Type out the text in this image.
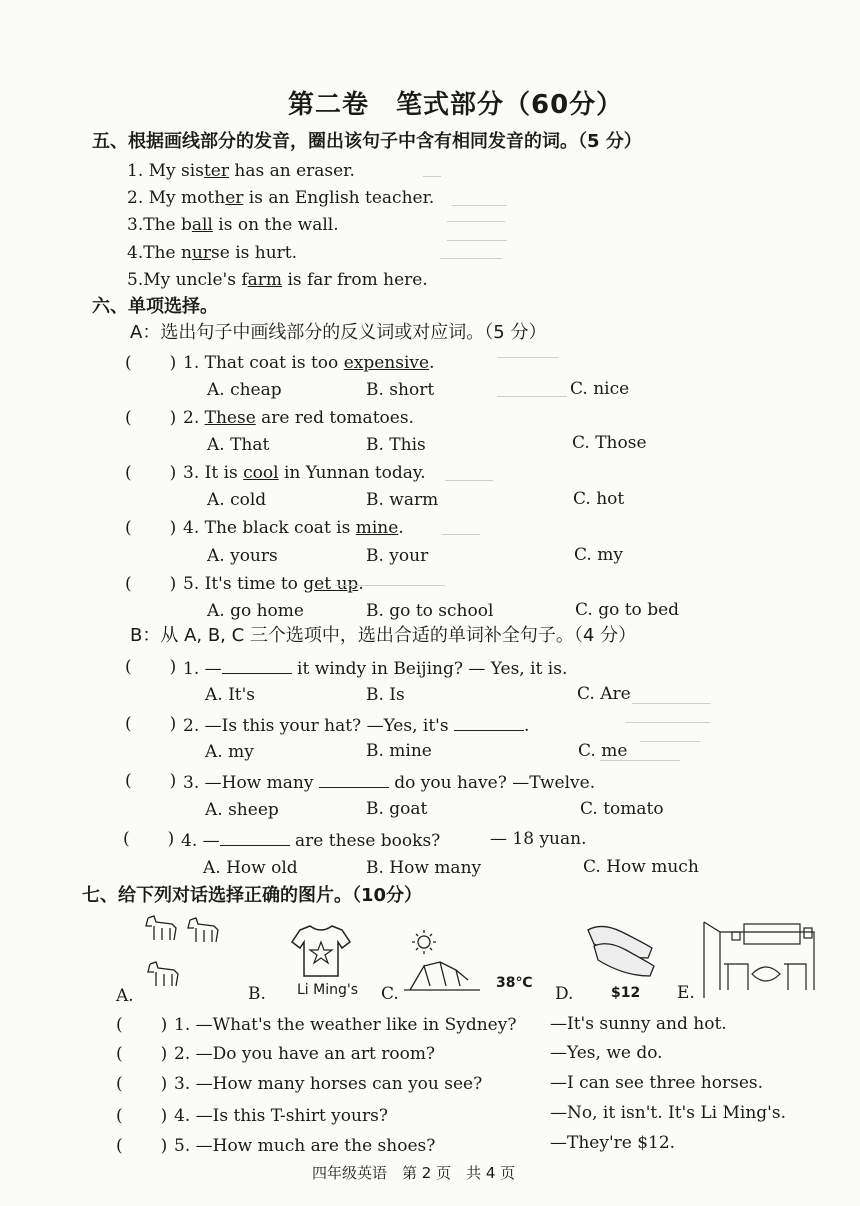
第二卷　笔式部分（60分）
五、根据画线部分的发音，圈出该句子中含有相同发音的词。（5 分）
1. My sister has an eraser.
2. My mother is an English teacher.
3.The ball is on the wall.
4.The nurse is hurt.
5.My uncle's farm is far from here.
六、单项选择。
A：选出句子中画线部分的反义词或对应词。（5 分）
( ) 1. That coat is too expensive.
A. cheap	B. short	C. nice
( ) 2. These are red tomatoes.
A. That	B. This	C. Those
( ) 3. It is cool in Yunnan today.
A. cold	B. warm	C. hot
( ) 4. The black coat is mine.
A. yours	B. your	C. my
( ) 5. It's time to get up.
A. go home	B. go to school	C. go to bed
B：从 A, B, C 三个选项中，选出合适的单词补全句子。（4 分）
( ) 1. —	it windy in Beijing? — Yes, it is.
A. It's	B. Is	C. Are
( ) 2. —Is this your hat? —Yes, it's	.
A. my	B. mine	C. me
( ) 3. —How many	do you have? —Twelve.
A. sheep	B. goat	C. tomato
( ) 4. —	are these books?	— 18 yuan.
A. How old	B. How many	C. How much
七、给下列对话选择正确的图片。（10分）
A.	B.	C.	D.	E.
Li Ming's	38℃
$12
( ) 1. —What's the weather like in Sydney? —It's sunny and hot.
( ) 2. —Do you have an art room?	—Yes, we do.
( ) 3. —How many horses can you see?	—I can see three horses.
( ) 4. —Is this T-shirt yours?	—No, it isn't. It's Li Ming's.
( ) 5. —How much are the shoes?	—They're $12.
四年级英语　第 2 页　共 4 页
